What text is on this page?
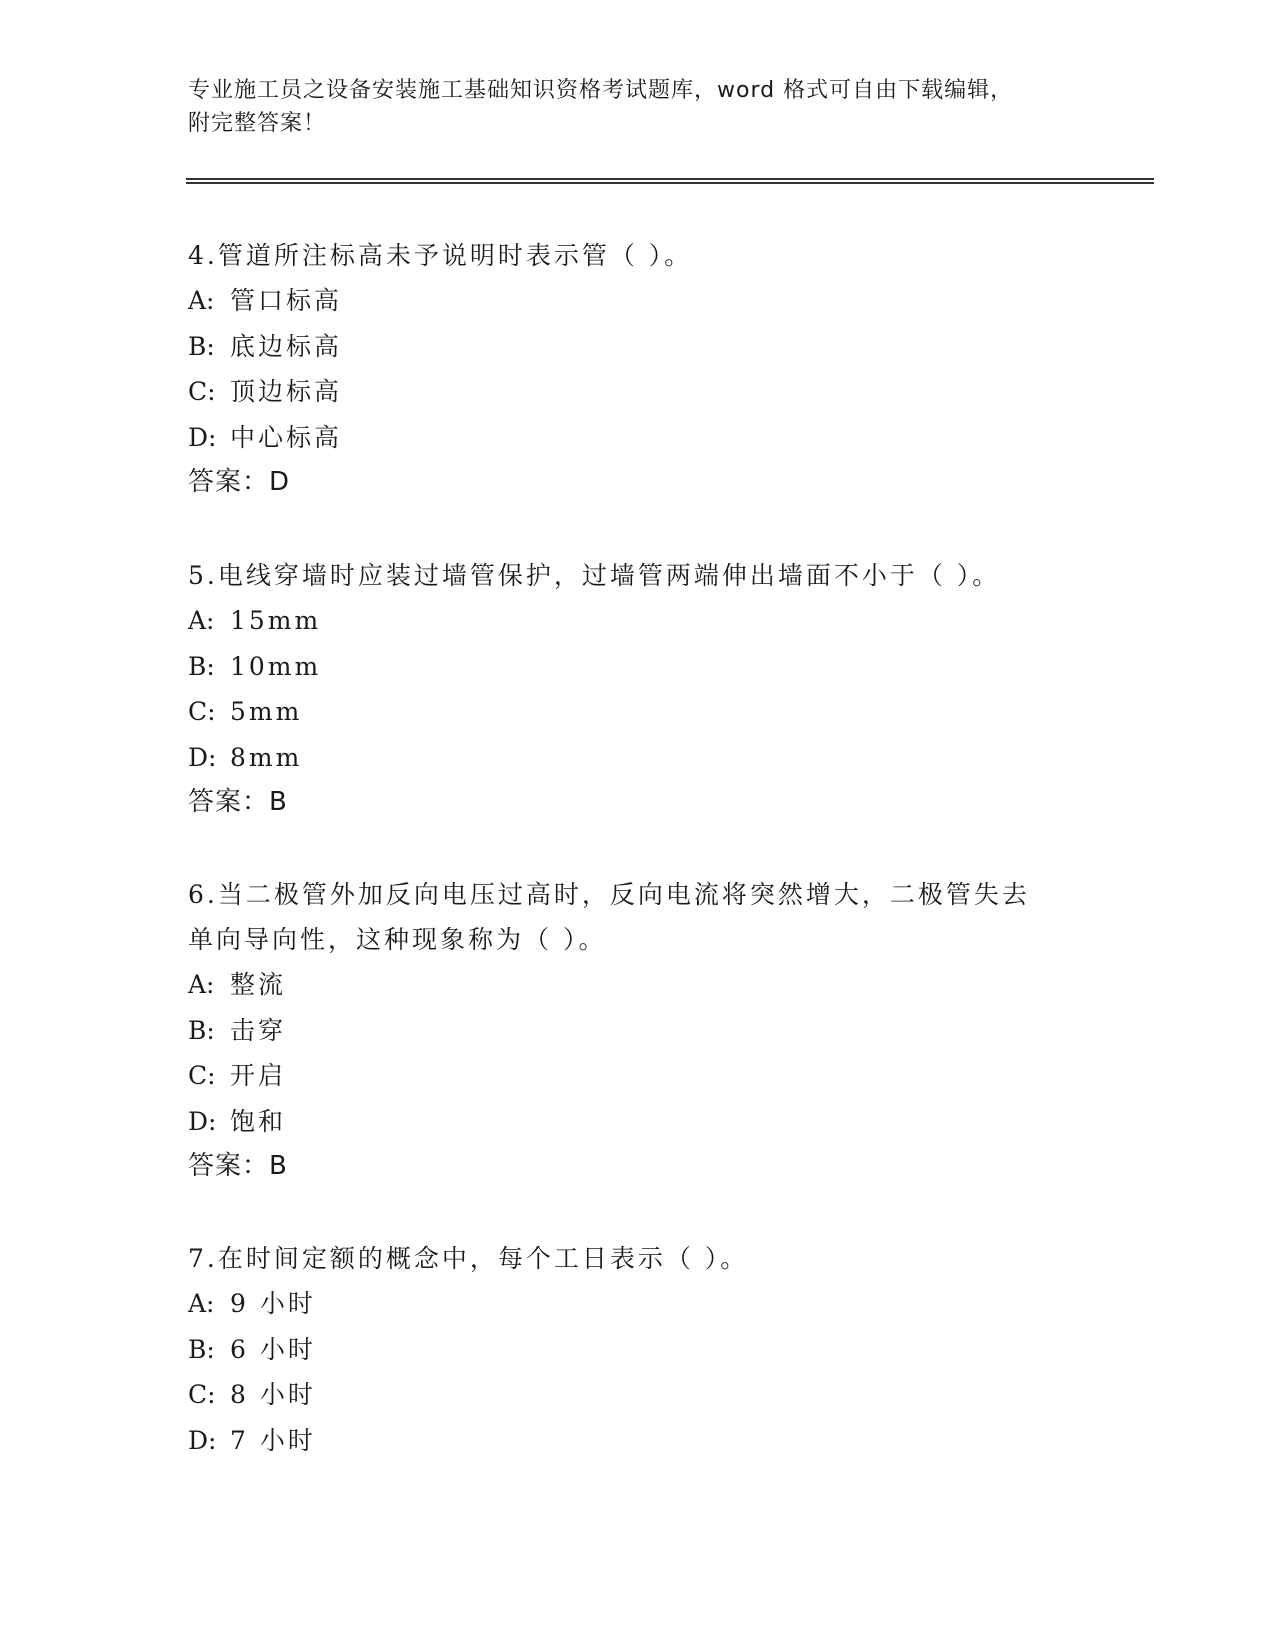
专业施工员之设备安装施工基础知识资格考试题库，word 格式可自由下载编辑，
附完整答案！
4.管道所注标高未予说明时表示管（ ）。
A: 管口标高
B: 底边标高
C: 顶边标高
D: 中心标高
答案：D
5.电线穿墙时应装过墙管保护，过墙管两端伸出墙面不小于（ ）。
A: 15mm
B: 10mm
C: 5mm
D: 8mm
答案：B
6.当二极管外加反向电压过高时，反向电流将突然增大，二极管失去
单向导向性，这种现象称为（ ）。
A: 整流
B: 击穿
C: 开启
D: 饱和
答案：B
7.在时间定额的概念中，每个工日表示（ ）。
A: 9 小时
B: 6 小时
C: 8 小时
D: 7 小时
